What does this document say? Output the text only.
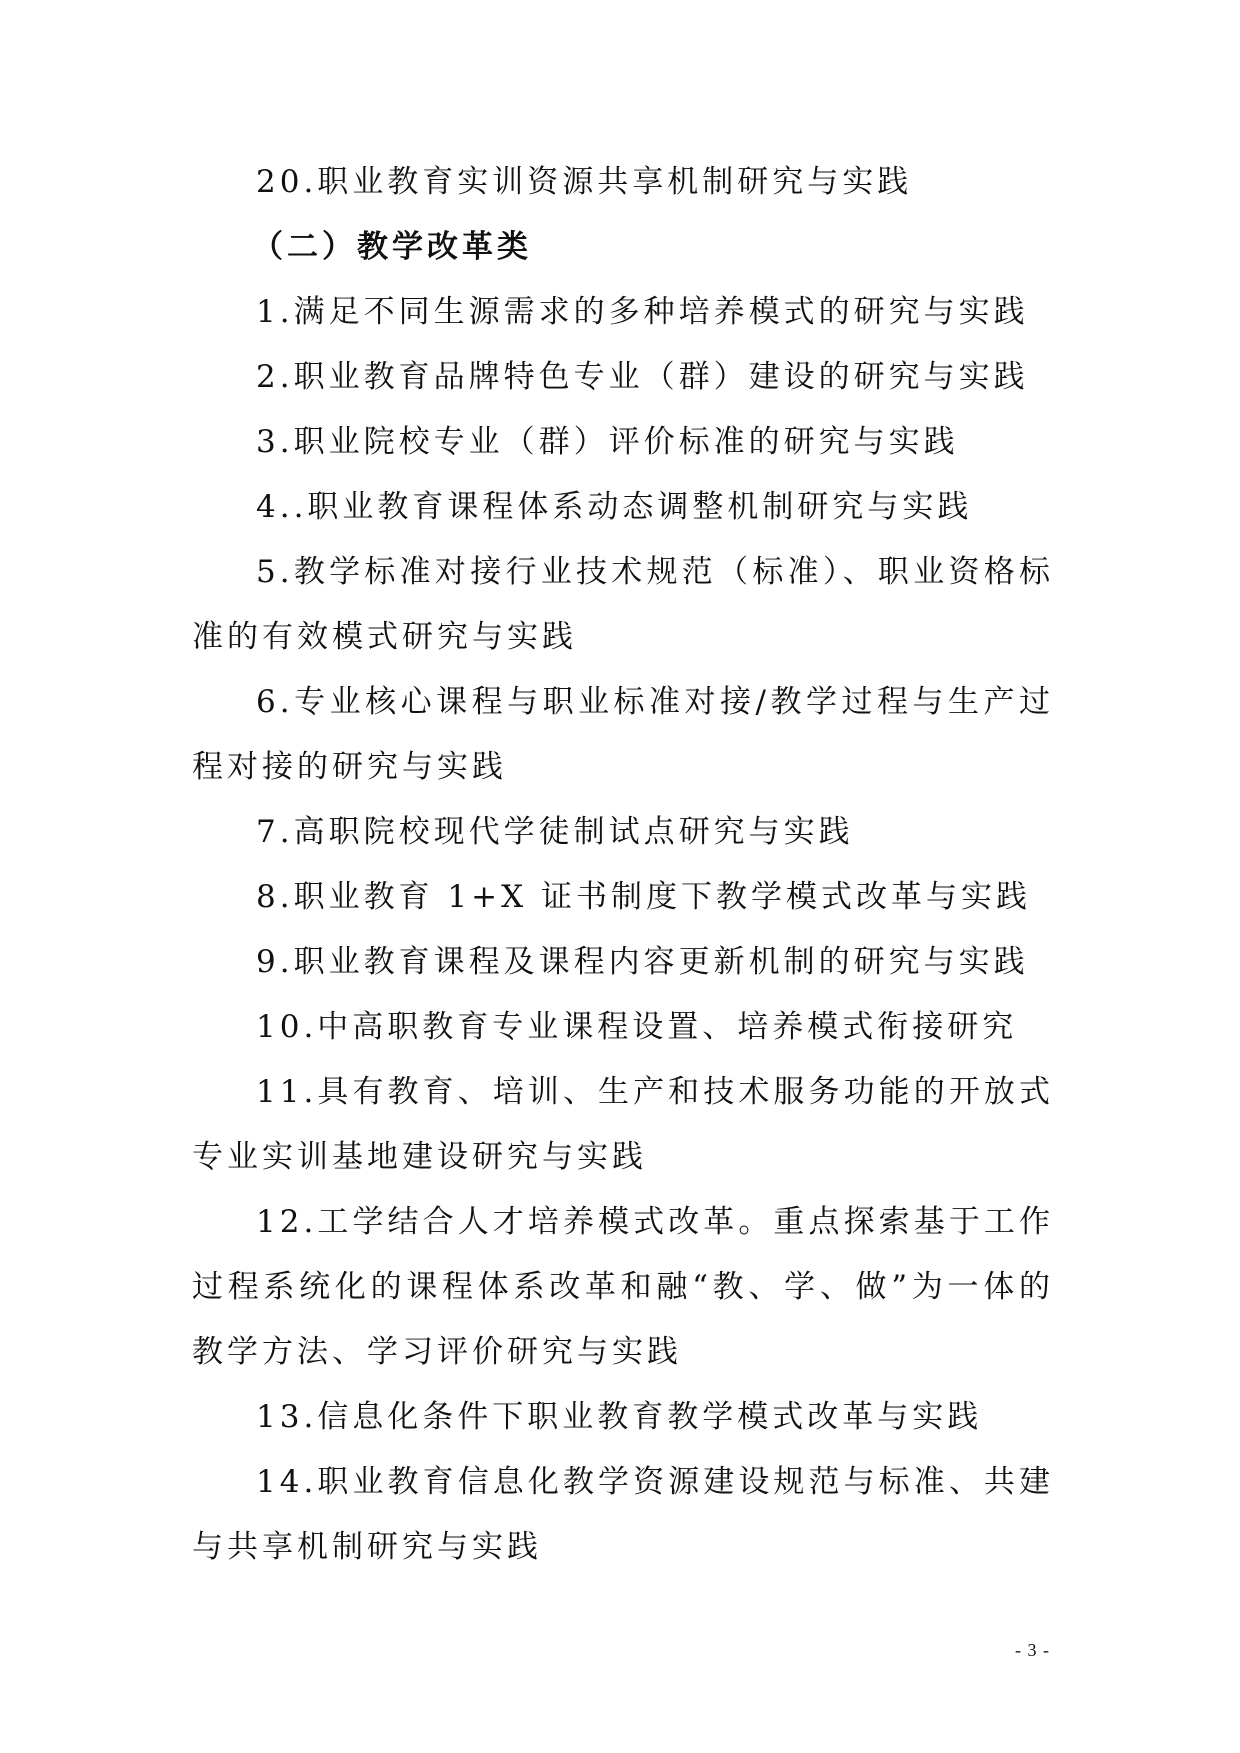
20.职业教育实训资源共享机制研究与实践

（二）教学改革类

1.满足不同生源需求的多种培养模式的研究与实践

2.职业教育品牌特色专业（群）建设的研究与实践

3.职业院校专业（群）评价标准的研究与实践

4..职业教育课程体系动态调整机制研究与实践

5.教学标准对接行业技术规范（标准）、职业资格标准的有效模式研究与实践

6.专业核心课程与职业标准对接/教学过程与生产过程对接的研究与实践

7.高职院校现代学徒制试点研究与实践

8.职业教育 1+X 证书制度下教学模式改革与实践

9.职业教育课程及课程内容更新机制的研究与实践

10.中高职教育专业课程设置、培养模式衔接研究

11.具有教育、培训、生产和技术服务功能的开放式专业实训基地建设研究与实践

12.工学结合人才培养模式改革。重点探索基于工作过程系统化的课程体系改革和融“教、学、做”为一体的教学方法、学习评价研究与实践

13.信息化条件下职业教育教学模式改革与实践

14.职业教育信息化教学资源建设规范与标准、共建与共享机制研究与实践

- 3 -
